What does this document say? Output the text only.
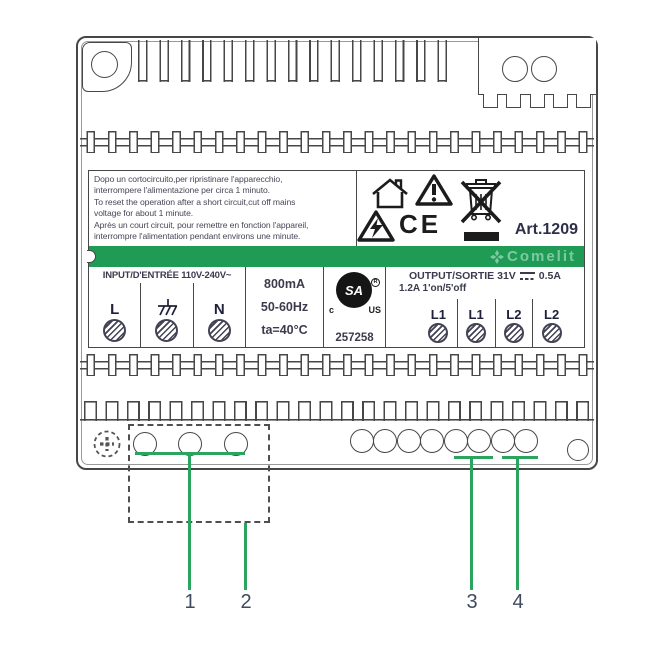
Dopo un cortocircuito,per ripristinare l'apparecchio,
interrompere l'alimentazione per circa 1 minuto.
To reset the operation after a short circuit,cut off mains
voltage for about 1 minute.
Après un court circuit, pour remettre en fonction l'appareil,
interrompre l'alimentation pendant environs une minute.	CE	Art.1209
Comelit
INPUT/D'ENTRÉE 110V-240V~
L	N
800mA
50-60Hz
ta=40°C
SA
R
c	US
257258
OUTPUT/SORTIE 31V 0.5A
1.2A 1'on/5'off
L1 L1 L2 L2
1 2	3 4
